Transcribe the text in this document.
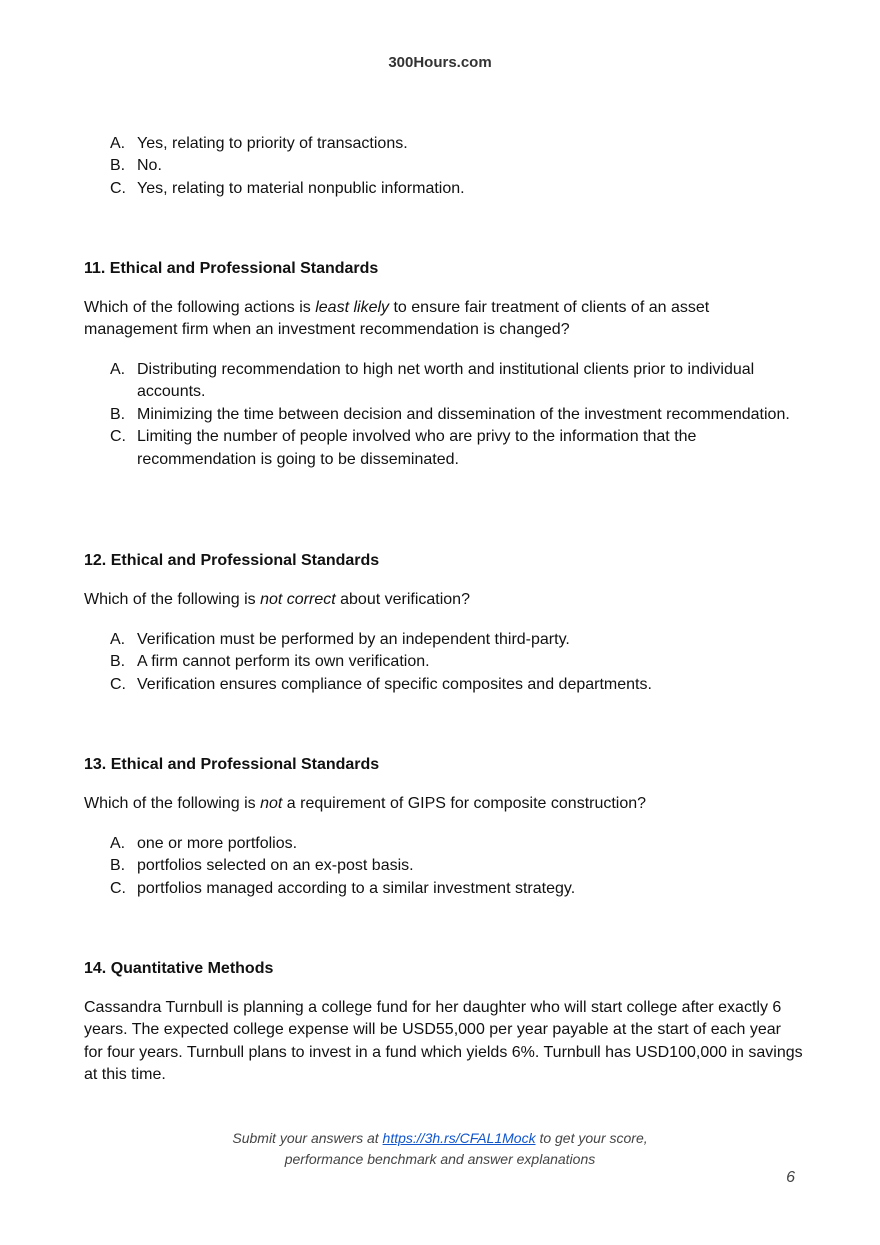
300Hours.com
A. Yes, relating to priority of transactions.
B. No.
C. Yes, relating to material nonpublic information.
11. Ethical and Professional Standards
Which of the following actions is least likely to ensure fair treatment of clients of an asset management firm when an investment recommendation is changed?
A. Distributing recommendation to high net worth and institutional clients prior to individual accounts.
B. Minimizing the time between decision and dissemination of the investment recommendation.
C. Limiting the number of people involved who are privy to the information that the recommendation is going to be disseminated.
12. Ethical and Professional Standards
Which of the following is not correct about verification?
A. Verification must be performed by an independent third-party.
B. A firm cannot perform its own verification.
C. Verification ensures compliance of specific composites and departments.
13. Ethical and Professional Standards
Which of the following is not a requirement of GIPS for composite construction?
A. one or more portfolios.
B. portfolios selected on an ex-post basis.
C. portfolios managed according to a similar investment strategy.
14. Quantitative Methods
Cassandra Turnbull is planning a college fund for her daughter who will start college after exactly 6 years. The expected college expense will be USD55,000 per year payable at the start of each year for four years. Turnbull plans to invest in a fund which yields 6%. Turnbull has USD100,000 in savings at this time.
Submit your answers at https://3h.rs/CFAL1Mock to get your score,
performance benchmark and answer explanations
6
